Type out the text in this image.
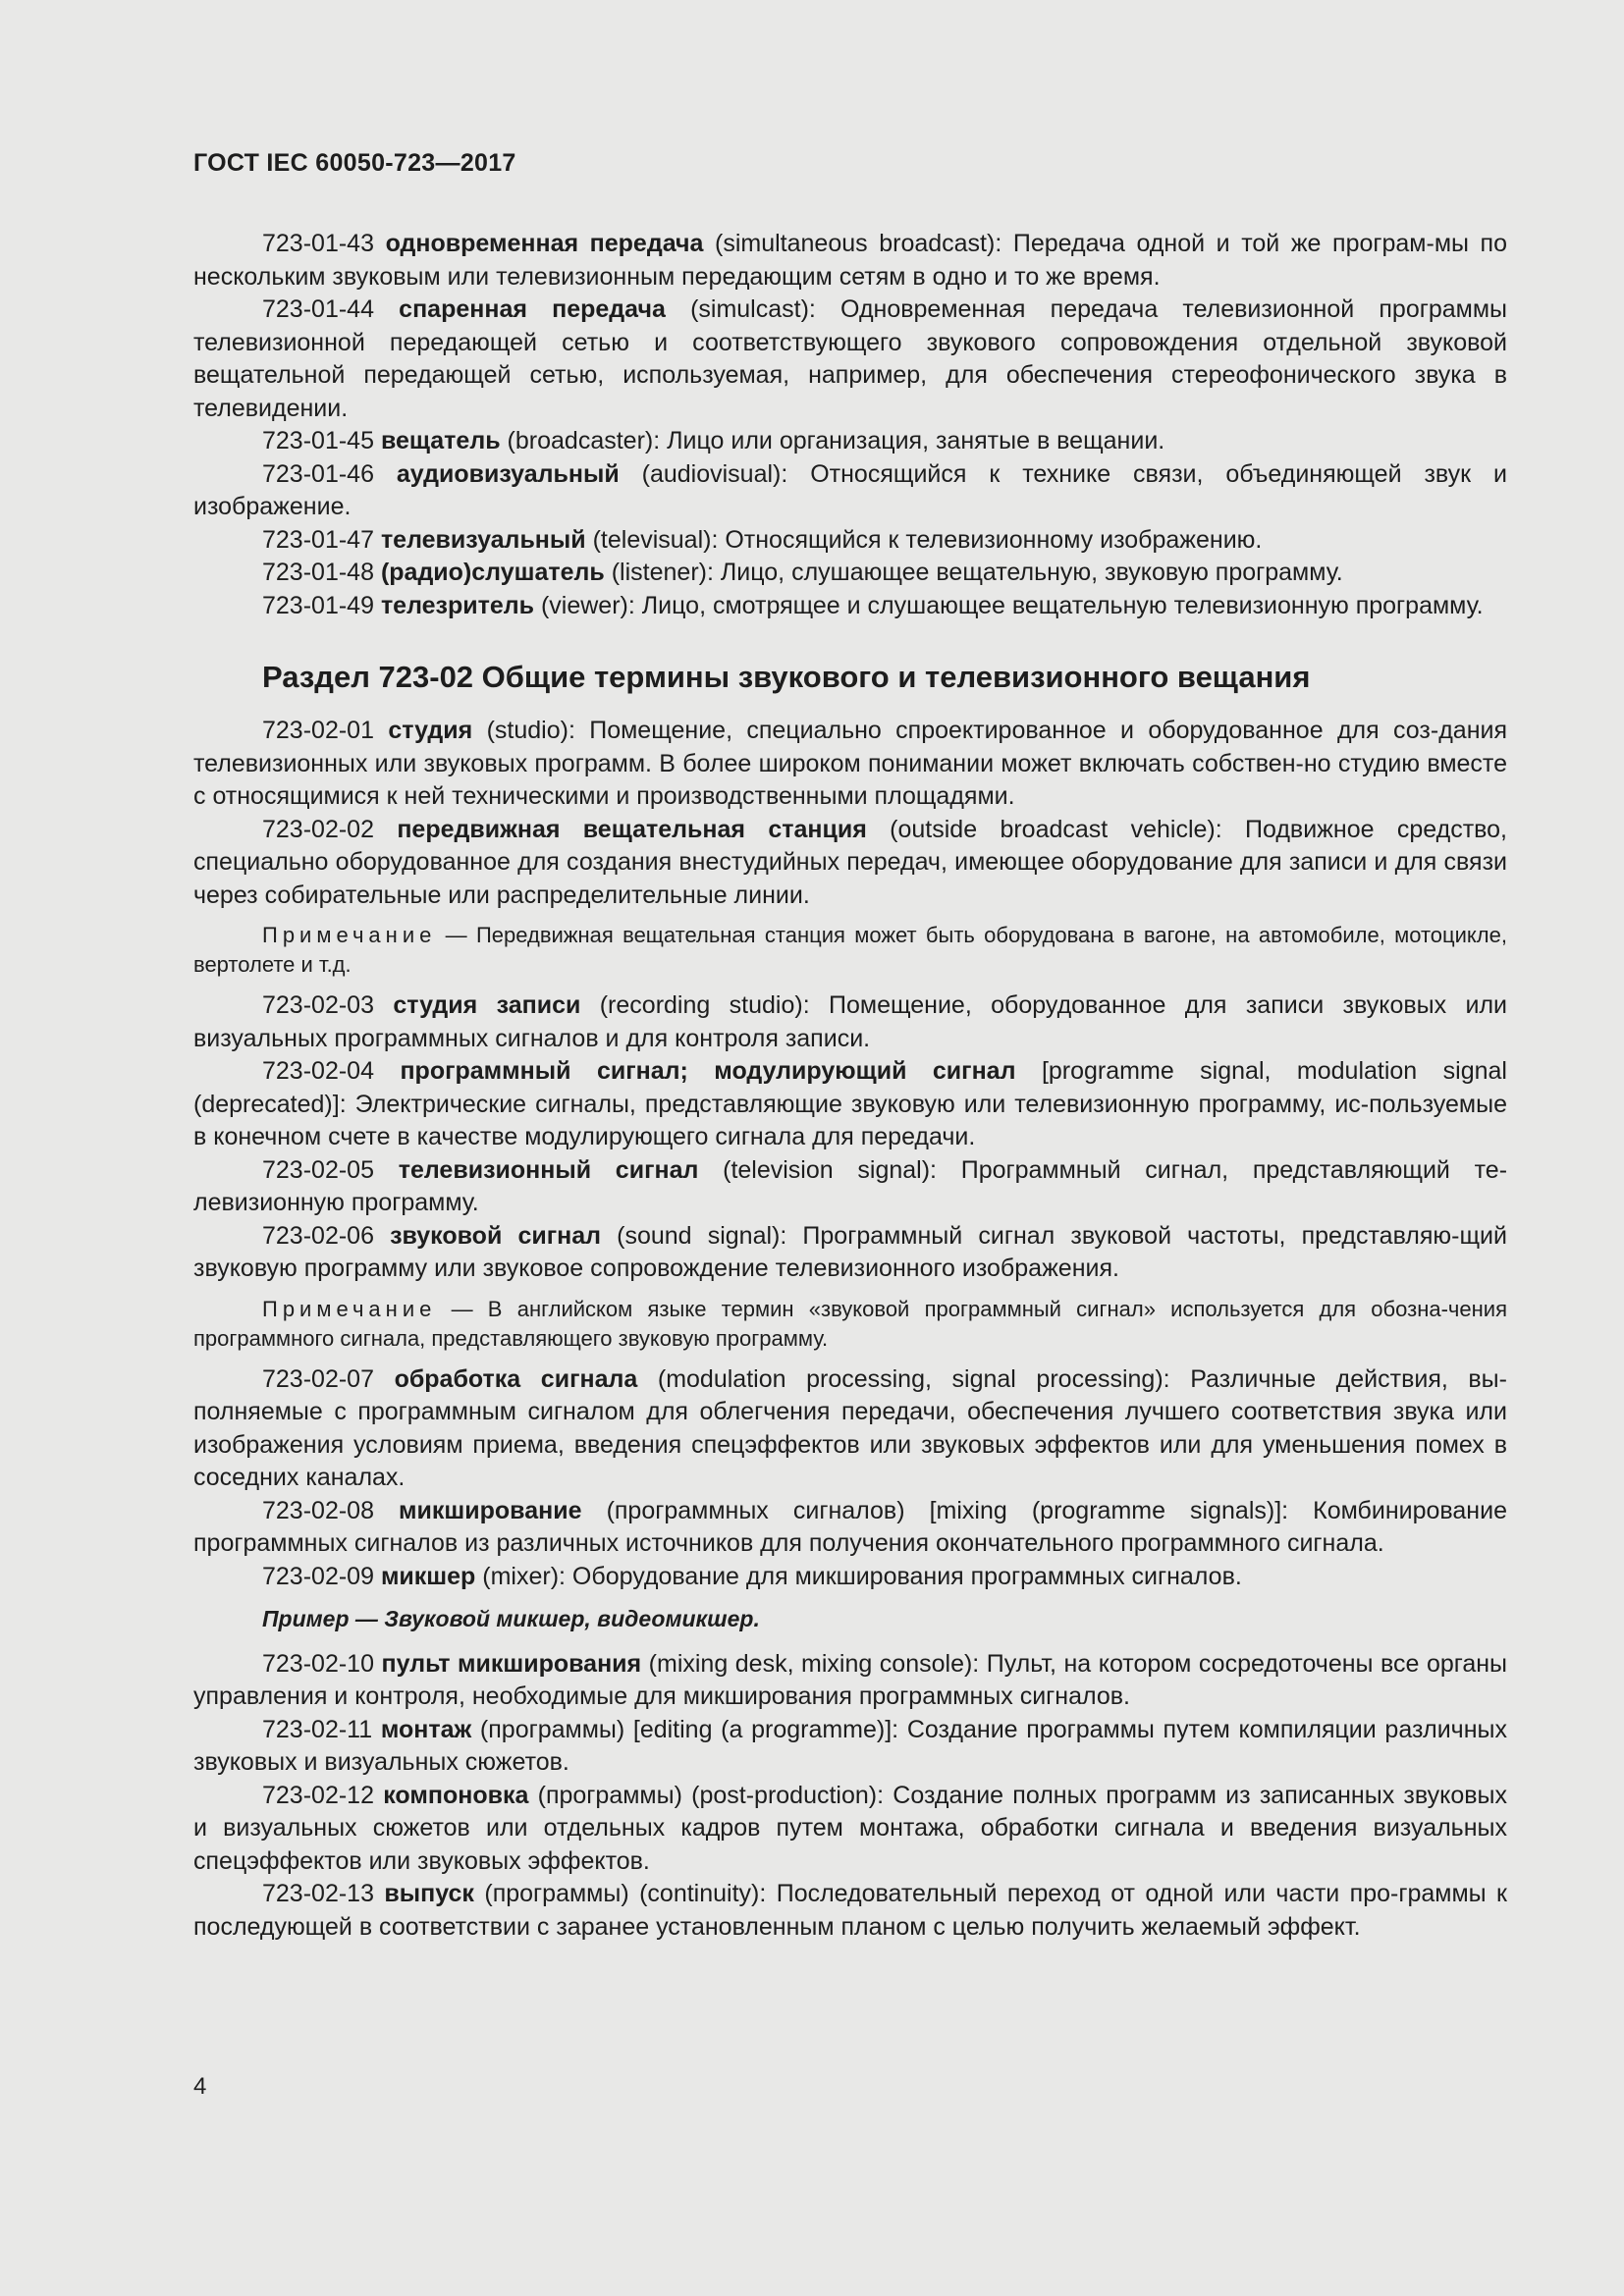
ГОСТ IEC 60050-723—2017

723-01-43 одновременная передача (simultaneous broadcast): Передача одной и той же програм-мы по нескольким звуковым или телевизионным передающим сетям в одно и то же время.

723-01-44 спаренная передача (simulcast): Одновременная передача телевизионной программы телевизионной передающей сетью и соответствующего звукового сопровождения отдельной звуковой вещательной передающей сетью, используемая, например, для обеспечения стереофонического звука в телевидении.

723-01-45 вещатель (broadcaster): Лицо или организация, занятые в вещании.

723-01-46 аудиовизуальный (audiovisual): Относящийся к технике связи, объединяющей звук и изображение.

723-01-47 телевизуальный (televisual): Относящийся к телевизионному изображению.

723-01-48 (радио)слушатель (listener): Лицо, слушающее вещательную, звуковую программу.

723-01-49 телезритель (viewer): Лицо, смотрящее и слушающее вещательную телевизионную программу.

Раздел 723-02 Общие термины звукового и телевизионного вещания

723-02-01 студия (studio): Помещение, специально спроектированное и оборудованное для соз-дания телевизионных или звуковых программ. В более широком понимании может включать собствен-но студию вместе с относящимися к ней техническими и производственными площадями.

723-02-02 передвижная вещательная станция (outside broadcast vehicle): Подвижное средство, специально оборудованное для создания внестудийных передач, имеющее оборудование для записи и для связи через собирательные или распределительные линии.

Примечание — Передвижная вещательная станция может быть оборудована в вагоне, на автомобиле, мотоцикле, вертолете и т.д.

723-02-03 студия записи (recording studio): Помещение, оборудованное для записи звуковых или визуальных программных сигналов и для контроля записи.

723-02-04 программный сигнал; модулирующий сигнал [programme signal, modulation signal (deprecated)]: Электрические сигналы, представляющие звуковую или телевизионную программу, ис-пользуемые в конечном счете в качестве модулирующего сигнала для передачи.

723-02-05 телевизионный сигнал (television signal): Программный сигнал, представляющий те-левизионную программу.

723-02-06 звуковой сигнал (sound signal): Программный сигнал звуковой частоты, представляю-щий звуковую программу или звуковое сопровождение телевизионного изображения.

Примечание — В английском языке термин «звуковой программный сигнал» используется для обозна-чения программного сигнала, представляющего звуковую программу.

723-02-07 обработка сигнала (modulation processing, signal processing): Различные действия, вы-полняемые с программным сигналом для облегчения передачи, обеспечения лучшего соответствия звука или изображения условиям приема, введения спецэффектов или звуковых эффектов или для уменьшения помех в соседних каналах.

723-02-08 микширование (программных сигналов) [mixing (programme signals)]: Комбинирование программных сигналов из различных источников для получения окончательного программного сигнала.

723-02-09 микшер (mixer): Оборудование для микширования программных сигналов.

Пример — Звуковой микшер, видеомикшер.

723-02-10 пульт микширования (mixing desk, mixing console): Пульт, на котором сосредоточены все органы управления и контроля, необходимые для микширования программных сигналов.

723-02-11 монтаж (программы) [editing (a programme)]: Создание программы путем компиляции различных звуковых и визуальных сюжетов.

723-02-12 компоновка (программы) (post-production): Создание полных программ из записанных звуковых и визуальных сюжетов или отдельных кадров путем монтажа, обработки сигнала и введения визуальных спецэффектов или звуковых эффектов.

723-02-13 выпуск (программы) (continuity): Последовательный переход от одной или части про-граммы к последующей в соответствии с заранее установленным планом с целью получить желаемый эффект.

4
